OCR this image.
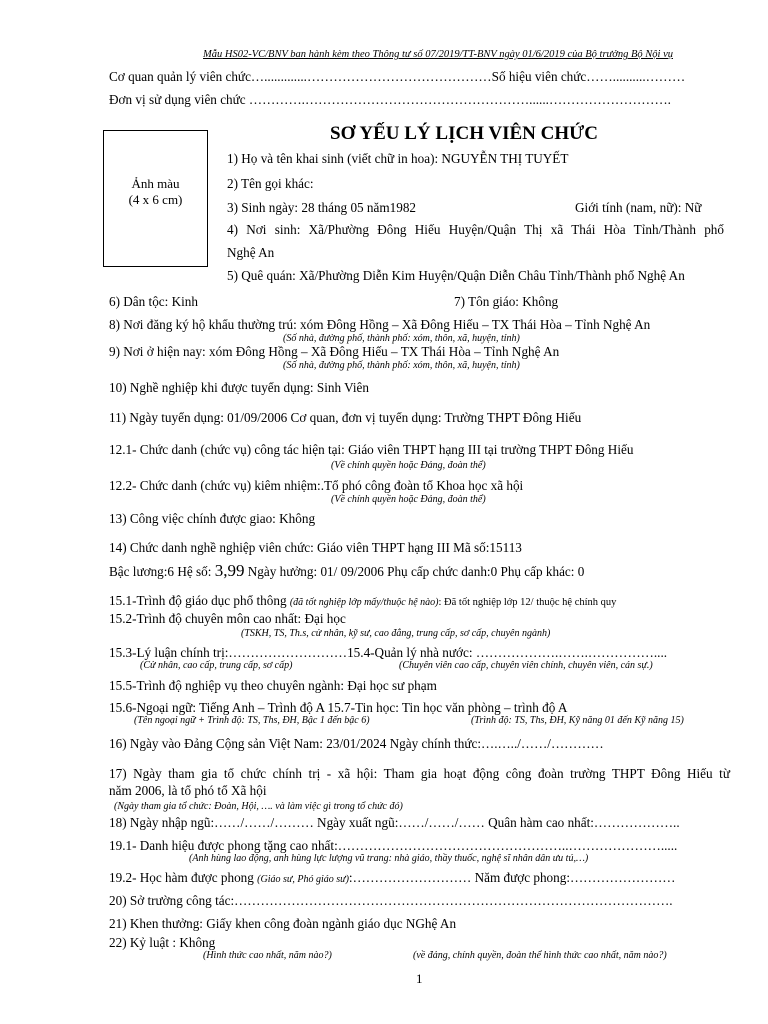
Mẫu HS02-VC/BNV ban hành kèm theo Thông tư số 07/2019/TT-BNV ngày 01/6/2019 của Bộ trưởng Bộ Nội vụ
Cơ quan quản lý viên chức….............……………………………………Số hiệu viên chức……..........………
Đơn vị sử dụng viên chức ………….……………………………………………......……………………….
SƠ YẾU LÝ LỊCH VIÊN CHỨC
Ảnh màu
(4 x 6 cm)
1) Họ và tên khai sinh (viết chữ in hoa): NGUYỄN THỊ TUYẾT
2) Tên gọi khác:
3) Sinh ngày: 28 tháng 05 năm1982	Giới tính (nam, nữ): Nữ
4) Nơi sinh: Xã/Phường Đông Hiếu Huyện/Quận Thị xã Thái Hòa Tỉnh/Thành phố
Nghệ An
5) Quê quán: Xã/Phường Diễn Kim Huyện/Quận Diễn Châu Tỉnh/Thành phố Nghệ An
6) Dân tộc: Kinh	7) Tôn giáo: Không
8) Nơi đăng ký hộ khẩu thường trú: xóm Đông Hồng – Xã Đông Hiếu – TX Thái Hòa – Tỉnh Nghệ An
(Số nhà, đường phố, thành phố: xóm, thôn, xã, huyện, tỉnh)
9) Nơi ở hiện nay: xóm Đông Hồng – Xã Đông Hiếu – TX Thái Hòa – Tỉnh Nghệ An
(Số nhà, đường phố, thành phố: xóm, thôn, xã, huyện, tỉnh)
10) Nghề nghiệp khi được tuyển dụng: Sinh Viên
11) Ngày tuyển dụng: 01/09/2006 Cơ quan, đơn vị tuyển dụng: Trường THPT Đông Hiếu
12.1- Chức danh (chức vụ) công tác hiện tại: Giáo viên THPT hạng III tại trường THPT Đông Hiếu
(Về chính quyền hoặc Đảng, đoàn thể)
12.2- Chức danh (chức vụ) kiêm nhiệm:.Tổ phó công đoàn tổ Khoa học xã hội
(Về chính quyền hoặc Đảng, đoàn thể)
13) Công việc chính được giao: Không
14) Chức danh nghề nghiệp viên chức: Giáo viên THPT hạng III Mã số:15113
Bậc lương:6 Hệ số: 3,99 Ngày hưởng: 01/ 09/2006 Phụ cấp chức danh:0 Phụ cấp khác: 0
15.1-Trình độ giáo dục phổ thông (đã tốt nghiệp lớp mấy/thuộc hệ nào): Đã tốt nghiệp lớp 12/ thuộc hệ chính quy
15.2-Trình độ chuyên môn cao nhất: Đại học
(TSKH, TS, Th.s, cử nhân, kỹ sư, cao đẳng, trung cấp, sơ cấp, chuyên ngành)
15.3-Lý luận chính trị:………………………15.4-Quản lý nhà nước: ……………….…….……………....
(Cử nhân, cao cấp, trung cấp, sơ cấp)	(Chuyên viên cao cấp, chuyên viên chính, chuyên viên, cán sự.)
15.5-Trình độ nghiệp vụ theo chuyên ngành: Đại học sư phạm
15.6-Ngoại ngữ: Tiếng Anh – Trình độ A 15.7-Tin học: Tin học văn phòng – trình độ A
(Tên ngoại ngữ + Trình độ: TS, Ths, ĐH, Bậc 1 đến bậc 6)	(Trình độ: TS, Ths, ĐH, Kỹ năng 01 đến Kỹ năng 15)
16) Ngày vào Đảng Cộng sản Việt Nam: 23/01/2024 Ngày chính thức:….…../……/…………
17) Ngày tham gia tổ chức chính trị - xã hội: Tham gia hoạt động công đoàn trường THPT Đông Hiếu từ
năm 2006, là tổ phó tổ Xã hội
(Ngày tham gia tổ chức: Đoàn, Hội, …. và làm việc gì trong tổ chức đó)
18) Ngày nhập ngũ:……/……/……… Ngày xuất ngũ:……/……/…… Quân hàm cao nhất:………………..
19.1- Danh hiệu được phong tặng cao nhất:……………………………………………..………………….....
(Anh hùng lao động, anh hùng lực lượng vũ trang: nhà giáo, thầy thuốc, nghệ sĩ nhân dân ưu tú,…)
19.2- Học hàm được phong (Giáo sư, Phó giáo sư):……………………… Năm được phong:……………………
20) Sở trường công tác:……………………………………………………………………………………….
21) Khen thưởng: Giấy khen công đoàn ngành giáo dục NGhệ An
22) Kỷ luật : Không
(Hình thức cao nhất, năm nào?)	(về đảng, chính quyền, đoàn thể hình thức cao nhất, năm nào?)
1
